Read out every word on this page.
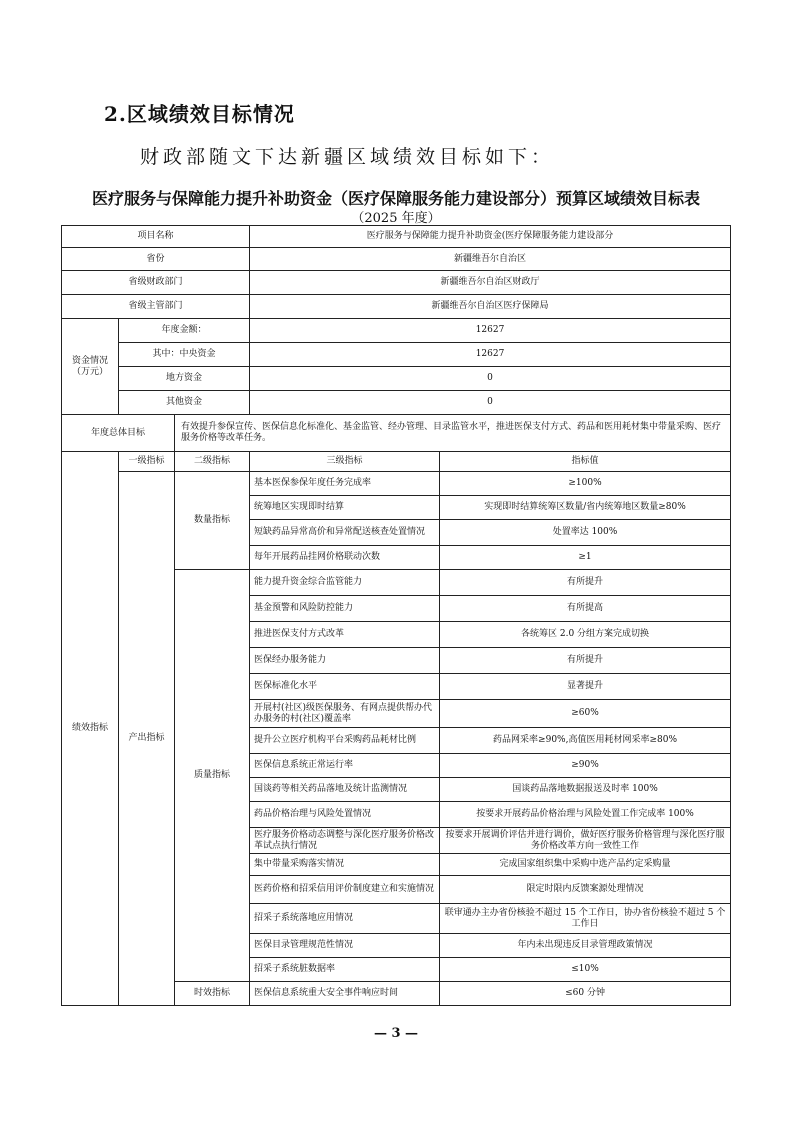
2.区域绩效目标情况

财政部随文下达新疆区域绩效目标如下：

医疗服务与保障能力提升补助资金（医疗保障服务能力建设部分）预算区域绩效目标表

（2025 年度）

项目名称			医疗服务与保障能力提升补助资金(医疗保障服务能力建设部分	
省份			新疆维吾尔自治区	
省级财政部门			新疆维吾尔自治区财政厅	
省级主管部门			新疆维吾尔自治区医疗保障局	
资金情况（万元）	年度金额：		12627	
	其中：中央资金		12627	
	地方资金		0	
	其他资金		0	
年度总体目标		有效提升参保宣传、医保信息化标准化、基金监管、经办管理、目录监管水平，推进医保支付方式、药品和医用耗材集中带量采购、医疗服务价格等改革任务。		
绩效指标	一级指标	二级指标	三级指标	指标值
	产出指标	数量指标	基本医保参保年度任务完成率	≥100%
			统筹地区实现即时结算	实现即时结算统筹区数量/省内统筹地区数量≥80%
			短缺药品异常高价和异常配送核查处置情况	处置率达 100%
			每年开展药品挂网价格联动次数	≥1
		质量指标	能力提升资金综合监管能力	有所提升
			基金预警和风险防控能力	有所提高
			推进医保支付方式改革	各统筹区 2.0 分组方案完成切换
			医保经办服务能力	有所提升
			医保标准化水平	显著提升
			开展村(社区)级医保服务、有网点提供帮办代办服务的村(社区)覆盖率	≥60%
			提升公立医疗机构平台采购药品耗材比例	药品网采率≥90%,高值医用耗材网采率≥80%
			医保信息系统正常运行率	≥90%
			国谈药等相关药品落地及统计监测情况	国谈药品落地数据报送及时率 100%
			药品价格治理与风险处置情况	按要求开展药品价格治理与风险处置工作完成率 100%
			医疗服务价格动态调整与深化医疗服务价格改革试点执行情况	按要求开展调价评估并进行调价，做好医疗服务价格管理与深化医疗服务价格改革方向一致性工作
			集中带量采购落实情况	完成国家组织集中采购中选产品约定采购量
			医药价格和招采信用评价制度建立和实施情况	限定时限内反馈案源处理情况
			招采子系统落地应用情况	联审通办主办省份核验不超过 15 个工作日，协办省份核验不超过 5 个工作日
			医保目录管理规范性情况	年内未出现违反目录管理政策情况
			招采子系统脏数据率	≤10%
		时效指标	医保信息系统重大安全事件响应时间	≤60 分钟

— 3 —
